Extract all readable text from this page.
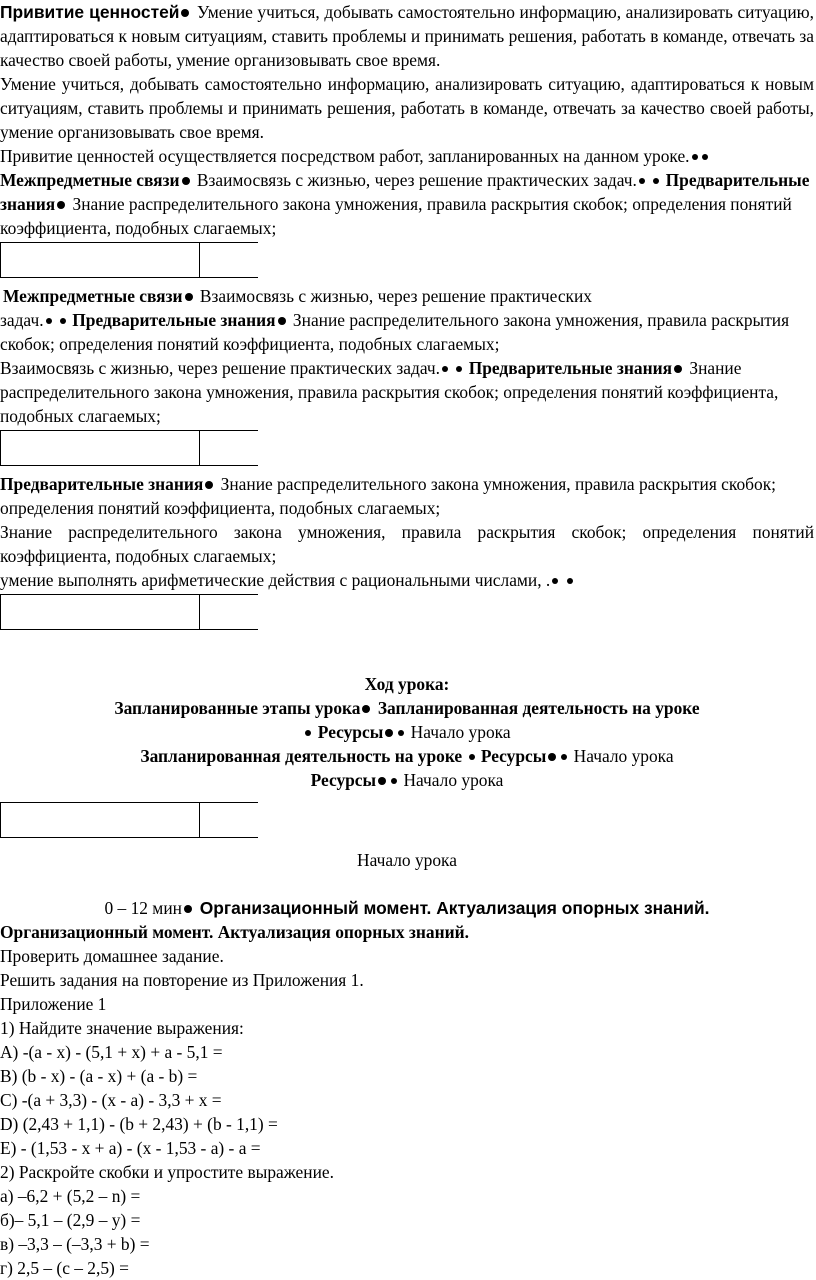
Привитие ценностей Умение учиться, добывать самостоятельно информацию, анализировать ситуацию, адаптироваться к новым ситуациям, ставить проблемы и принимать решения, работать в команде, отвечать за качество своей работы, умение организовывать свое время.

Умение учиться, добывать самостоятельно информацию, анализировать ситуацию, адаптироваться к новым ситуациям, ставить проблемы и принимать решения, работать в команде, отвечать за качество своей работы, умение организовывать свое время.

Привитие ценностей осуществляется посредством работ, запланированных на данном уроке. Межпредметные связи Взаимосвязь с жизнью, через решение практических задач. Предварительные знания Знание распределительного закона умножения, правила раскрытия скобок; определения понятий коэффициента, подобных слагаемых;

Межпредметные связи Взаимосвязь с жизнью, через решение практических

задач. Предварительные знания Знание распределительного закона умножения, правила раскрытия скобок; определения понятий коэффициента, подобных слагаемых;

Взаимосвязь с жизнью, через решение практических задач. Предварительные знания Знание распределительного закона умножения, правила раскрытия скобок; определения понятий коэффициента, подобных слагаемых;

Предварительные знания Знание распределительного закона умножения, правила раскрытия скобок; определения понятий коэффициента, подобных слагаемых;

Знание распределительного закона умножения, правила раскрытия скобок; определения понятий коэффициента, подобных слагаемых;

умение выполнять арифметические действия с рациональными числами, .

Ход урока:

Запланированные этапы урока Запланированная деятельность на уроке

Ресурсы Начало урока

Запланированная деятельность на уроке  Ресурсы Начало урока

Ресурсы Начало урока

Начало урока

0 – 12 мин Организационный момент. Актуализация опорных знаний.

Организационный момент. Актуализация опорных знаний.

Проверить домашнее задание.

Решить задания на повторение из Приложения 1.

Приложение 1

1) Найдите значение выражения:

A) -(a - x) - (5,1 + x) + a - 5,1 =

B) (b - x) - (a - x) + (a - b) =

C) -(a + 3,3) - (x - a) - 3,3 + x =

D) (2,43 + 1,1) - (b + 2,43) + (b - 1,1) =

E) - (1,53 - x + a) - (x - 1,53 - a) - a =

2) Раскройте скобки и упростите выражение.

а) –6,2 + (5,2 – n) =

б)– 5,1 – (2,9 – y) =

в) –3,3 – (–3,3 + b) =

г) 2,5 – (c – 2,5) =
